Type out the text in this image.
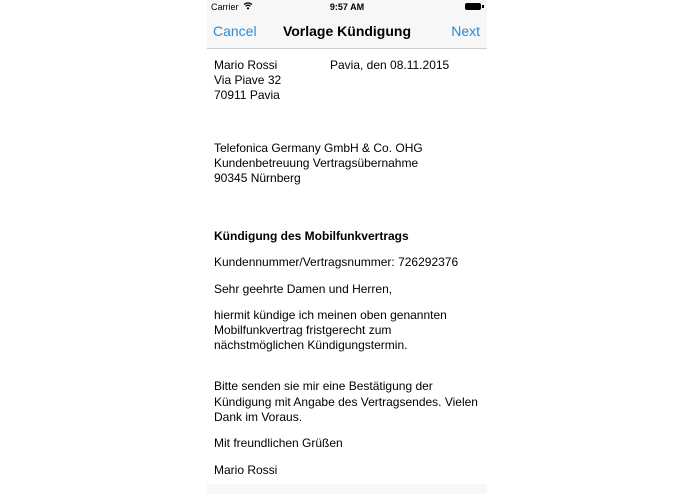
Carrier	9:57 AM
Cancel	Vorlage Kündigung	Next
Mario Rossi
Via Piave 32
70911 Pavia
Pavia, den 08.11.2015
Telefonica Germany GmbH & Co. OHG
Kundenbetreuung Vertragsübernahme
90345 Nürnberg
Kündigung des Mobilfunkvertrags
Kundennummer/Vertragsnummer: 726292376
Sehr geehrte Damen und Herren,
hiermit kündige ich meinen oben genannten
Mobilfunkvertrag fristgerecht zum
nächstmöglichen Kündigungstermin.
Bitte senden sie mir eine Bestätigung der
Kündigung mit Angabe des Vertragsendes. Vielen
Dank im Voraus.
Mit freundlichen Grüßen
Mario Rossi
